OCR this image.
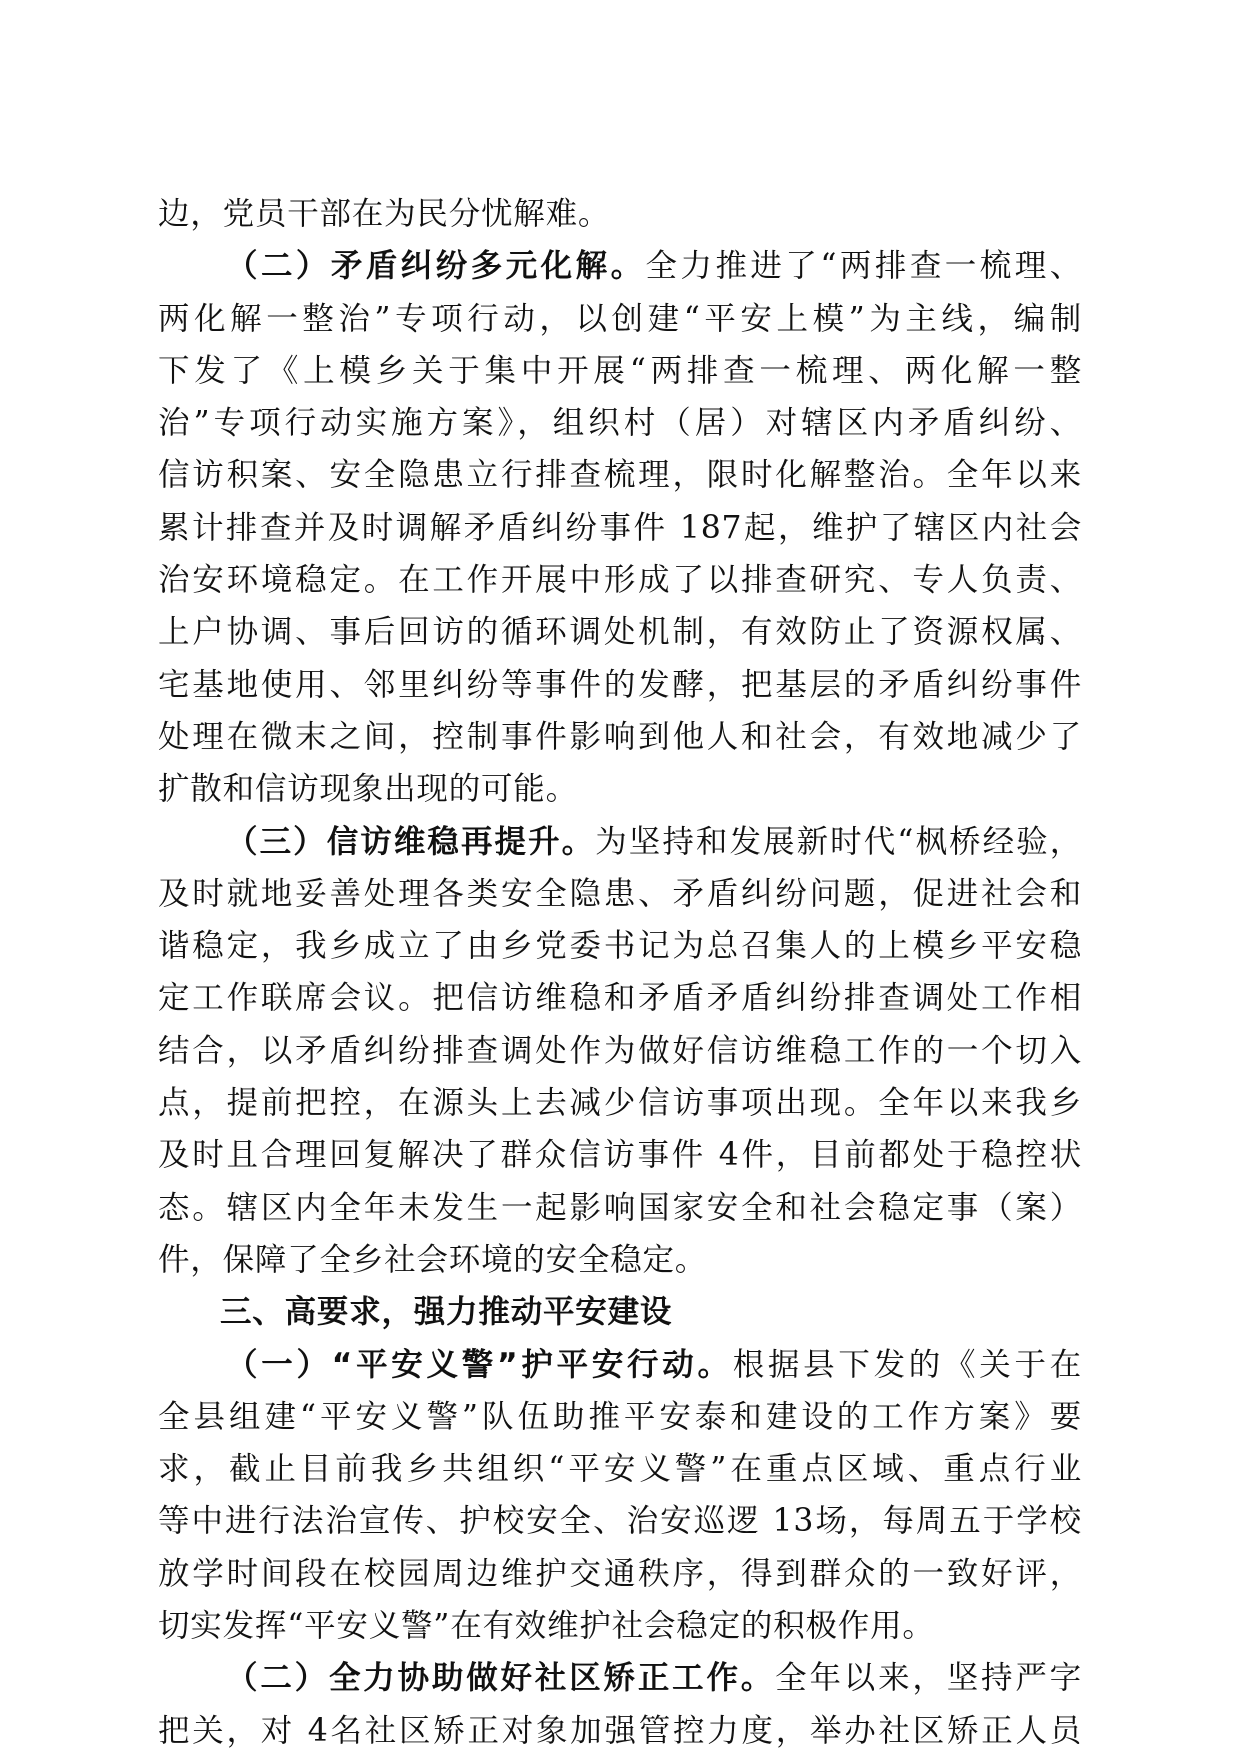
边，党员干部在为民分忧解难。
（二）矛盾纠纷多元化解。全力推进了“两排查一梳理、
两化解一整治”专项行动，以创建“平安上模”为主线，编制
下发了《上模乡关于集中开展“两排查一梳理、两化解一整
治”专项行动实施方案》，组织村（居）对辖区内矛盾纠纷、
信访积案、安全隐患立行排查梳理，限时化解整治。全年以来
累计排查并及时调解矛盾纠纷事件 187起，维护了辖区内社会
治安环境稳定。在工作开展中形成了以排查研究、专人负责、
上户协调、事后回访的循环调处机制，有效防止了资源权属、
宅基地使用、邻里纠纷等事件的发酵，把基层的矛盾纠纷事件
处理在微末之间，控制事件影响到他人和社会，有效地减少了
扩散和信访现象出现的可能。
（三）信访维稳再提升。为坚持和发展新时代“枫桥经验，
及时就地妥善处理各类安全隐患、矛盾纠纷问题，促进社会和
谐稳定，我乡成立了由乡党委书记为总召集人的上模乡平安稳
定工作联席会议。把信访维稳和矛盾矛盾纠纷排查调处工作相
结合，以矛盾纠纷排查调处作为做好信访维稳工作的一个切入
点，提前把控，在源头上去减少信访事项出现。全年以来我乡
及时且合理回复解决了群众信访事件 4件，目前都处于稳控状
态。辖区内全年未发生一起影响国家安全和社会稳定事（案）
件，保障了全乡社会环境的安全稳定。
三、高要求，强力推动平安建设
（一）“平安义警”护平安行动。根据县下发的《关于在
全县组建“平安义警”队伍助推平安泰和建设的工作方案》要
求，截止目前我乡共组织“平安义警”在重点区域、重点行业
等中进行法治宣传、护校安全、治安巡逻 13场，每周五于学校
放学时间段在校园周边维护交通秩序，得到群众的一致好评，
切实发挥“平安义警”在有效维护社会稳定的积极作用。
（二）全力协助做好社区矫正工作。全年以来，坚持严字
把关，对 4名社区矫正对象加强管控力度，举办社区矫正人员
